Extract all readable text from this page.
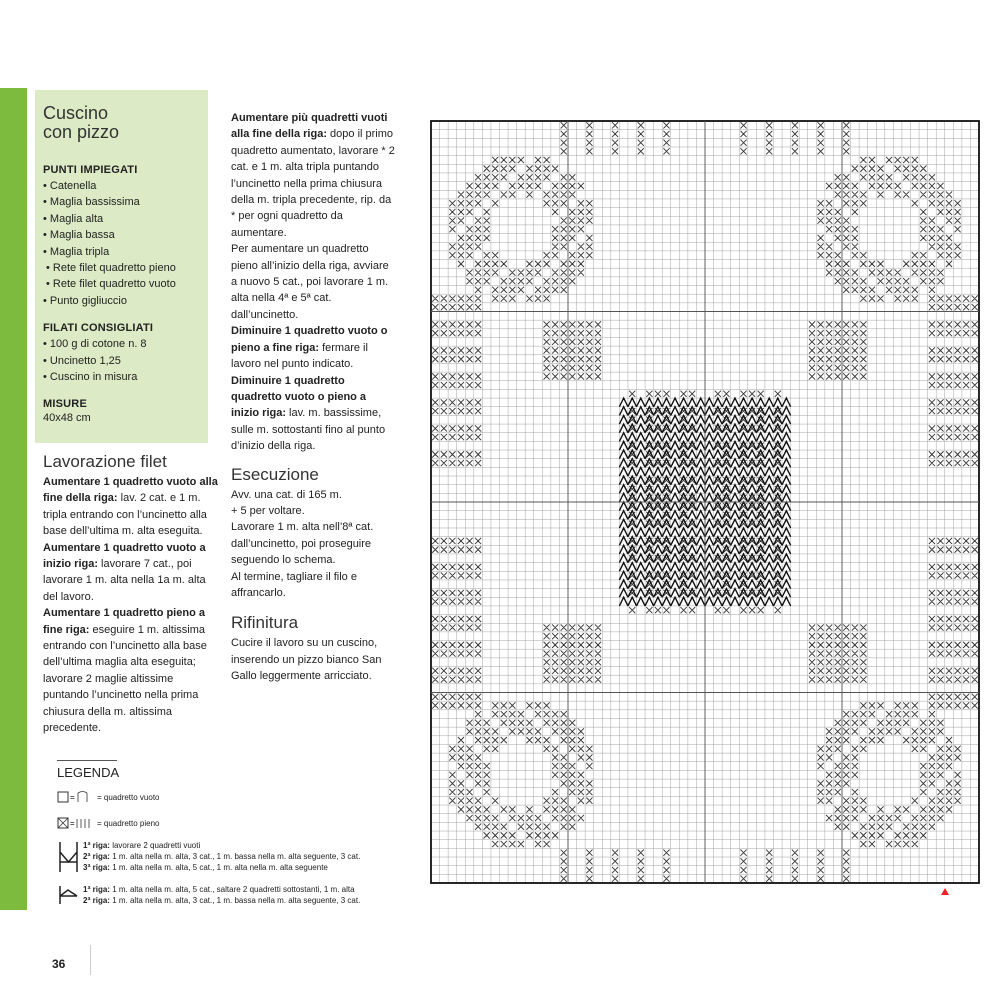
Cuscino
con pizzo
PUNTI IMPIEGATI
• Catenella
• Maglia bassissima
• Maglia alta
• Maglia bassa
• Maglia tripla
• Rete filet quadretto pieno
• Rete filet quadretto vuoto
• Punto gigliuccio
FILATI CONSIGLIATI
• 100 g di cotone n. 8
• Uncinetto 1,25
• Cuscino in misura
MISURE
40x48 cm
Lavorazione filet

Aumentare 1 quadretto vuoto alla fine della riga: lav. 2 cat. e 1 m. tripla entrando con l’uncinetto alla base dell’ultima m. alta eseguita.

Aumentare 1 quadretto vuoto a inizio riga: lavorare 7 cat., poi lavorare 1 m. alta nella 1a m. alta del lavoro.

Aumentare 1 quadretto pieno a fine riga: eseguire 1 m. altissima entrando con l’uncinetto alla base dell’ultima maglia alta eseguita; lavorare 2 maglie altissime puntando l’uncinetto nella prima chiusura della m. altissima precedente.

Aumentare più quadretti vuoti alla fine della riga: dopo il primo quadretto aumentato, lavorare * 2 cat. e 1 m. alta tripla puntando l’uncinetto nella prima chiusura della m. tripla precedente, rip. da * per ogni quadretto da aumentare.

Per aumentare un quadretto pieno all’inizio della riga, avviare a nuovo 5 cat., poi lavorare 1 m. alta nella 4ª e 5ª cat. dall’uncinetto.

Diminuire 1 quadretto vuoto o pieno a fine riga: fermare il lavoro nel punto indicato.

Diminuire 1 quadretto quadretto vuoto o pieno a inizio riga: lav. m. bassissime, sulle m. sottostanti fino al punto d’inizio della riga.

Esecuzione

Avv. una cat. di 165 m.

+ 5 per voltare.

Lavorare 1 m. alta nell’8ª cat. dall’uncinetto, poi proseguire seguendo lo schema.

Al termine, tagliare il filo e affrancarlo.

Rifinitura

Cucire il lavoro su un cuscino, inserendo un pizzo bianco San Gallo leggermente arricciato.

LEGENDA
=	= quadretto vuoto
=	= quadretto pieno
1ª riga: lavorare 2 quadretti vuoti
2ª riga: 1 m. alta nella m. alta, 3 cat., 1 m. bassa nella m. alta seguente, 3 cat.
3ª riga: 1 m. alta nella m. alta, 5 cat., 1 m. alta nella m. alta seguente
1ª riga: 1 m. alta nella m. alta, 5 cat., saltare 2 quadretti sottostanti, 1 m. alta
2ª riga: 1 m. alta nella m. alta, 3 cat., 1 m. bassa nella m. alta seguente, 3 cat.
36
